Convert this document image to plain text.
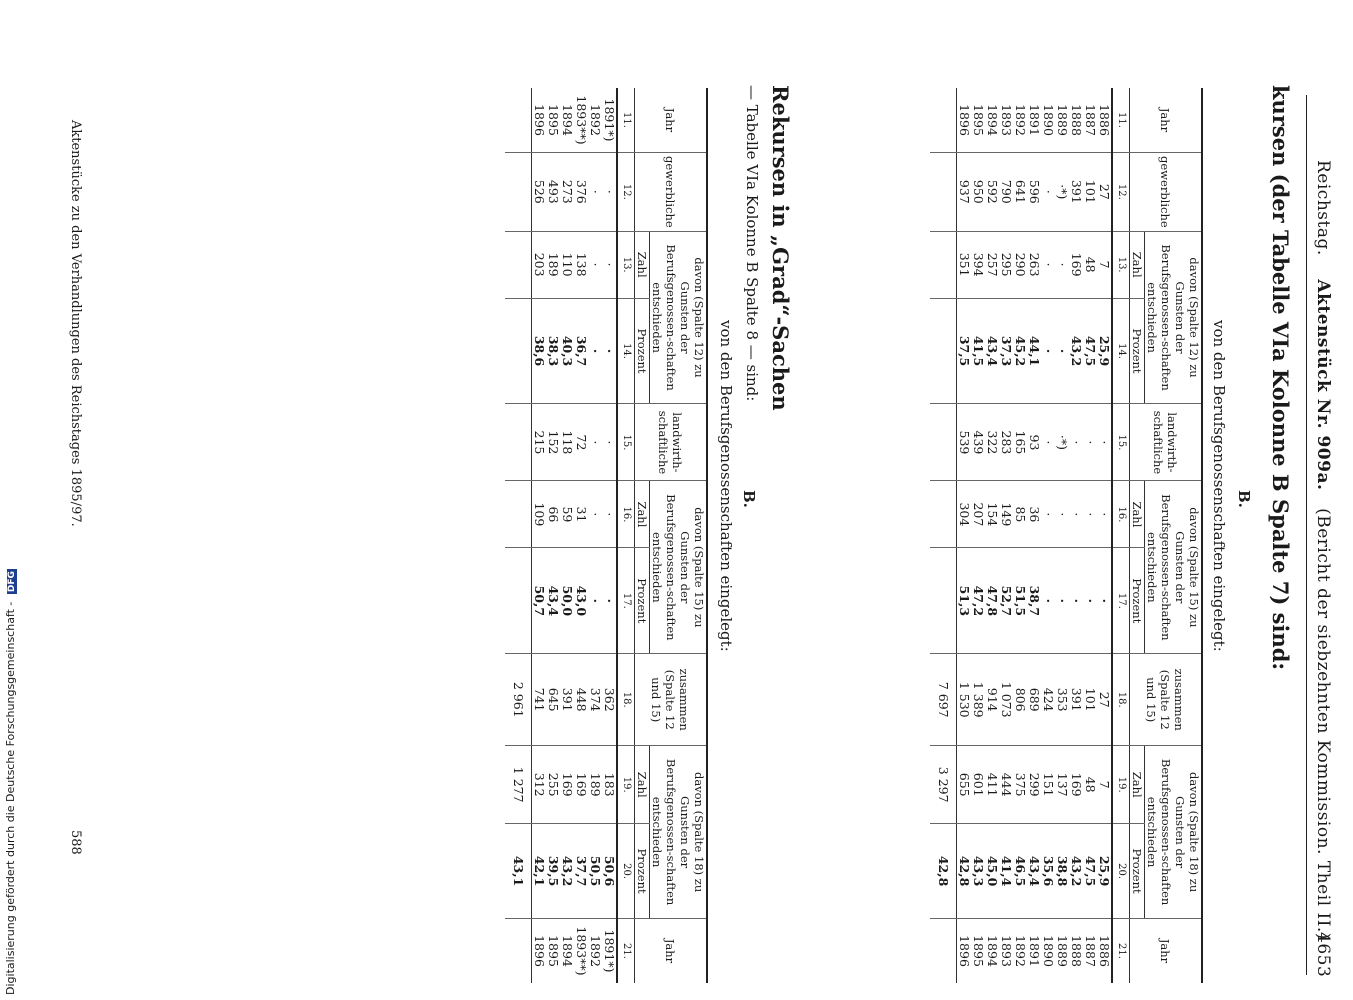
Reichstag.    Aktenstück Nr. 909a.   (Bericht der siebzehnten Kommission. Theil II.)
4653
kursen (der Tabelle VIa Kolonne B Spalte 7) sind:
B.
von den Berufsgenossenschaften eingelegt:
Jahr	gewerbliche	davon (Spalte 12) zu Gunsten der Berufsgenossen-schaften entschieden		landwirth-schaftliche	davon (Spalte 15) zu Gunsten der Berufsgenossen-schaften entschieden		zusammen (Spalte 12 und 15)	davon (Spalte 18) zu Gunsten der Berufsgenossen-schaften entschieden		Jahr
		Zahl	Prozent		Zahl	Prozent		Zahl	Prozent	
11.	12.	13.	14.	15.	16.	17.	18.	19.	20.	21.
1886	27	7	25,9	·	·	·	27	7	25,9	1886
1887	101	48	47,5	·	·	·	101	48	47,5	1887
1888	391	169	43,2	·	·	·	391	169	43,2	1888
1889	·*)	·	·	·*)	·	·	353	137	38,8	1889
1890	·	·	·	·	·	·	424	151	35,6	1890
1891	596	263	44,1	93	36	38,7	689	299	43,4	1891
1892	641	290	45,2	165	85	51,5	806	375	46,5	1892
1893	790	295	37,3	283	149	52,7	1 073	444	41,4	1893
1894	592	257	43,4	322	154	47,8	914	411	45,0	1894
1895	950	394	41,5	439	207	47,2	1 389	601	43,3	1895
1896	937	351	37,5	539	304	51,3	1 530	655	42,8	1896
							7 697	3 297	42,8	
Rekursen in „Grad“-Sachen
— Tabelle VIa Kolonne B Spalte 8 — sind:
B.
von den Berufsgenossenschaften eingelegt:
Jahr	gewerbliche	davon (Spalte 12) zu Gunsten der Berufsgenossen-schaften entschieden		landwirth-schaftliche	davon (Spalte 15) zu Gunsten der Berufsgenossen-schaften entschieden		zusammen (Spalte 12 und 15)	davon (Spalte 18) zu Gunsten der Berufsgenossen-schaften entschieden		Jahr
		Zahl	Prozent		Zahl	Prozent		Zahl	Prozent	
11.	12.	13.	14.	15.	16.	17.	18.	19.	20.	21.
1891*)	·	·	·	·	·	·	362	183	50,6	1891*)
1892	·	·	·	·	·	·	374	189	50,5	1892
1893**)	376	138	36,7	72	31	43,0	448	169	37,7	1893**)
1894	273	110	40,3	118	59	50,0	391	169	43,2	1894
1895	493	189	38,3	152	66	43,4	645	255	39,5	1895
1896	526	203	38,6	215	109	50,7	741	312	42,1	1896
							2 961	1 277	43,1	
Aktenstücke zu den Verhandlungen des Reichstages 1895/97.
588
Digitalisierung gefördert durch die Deutsche Forschungsgemeinschaft - DFG
